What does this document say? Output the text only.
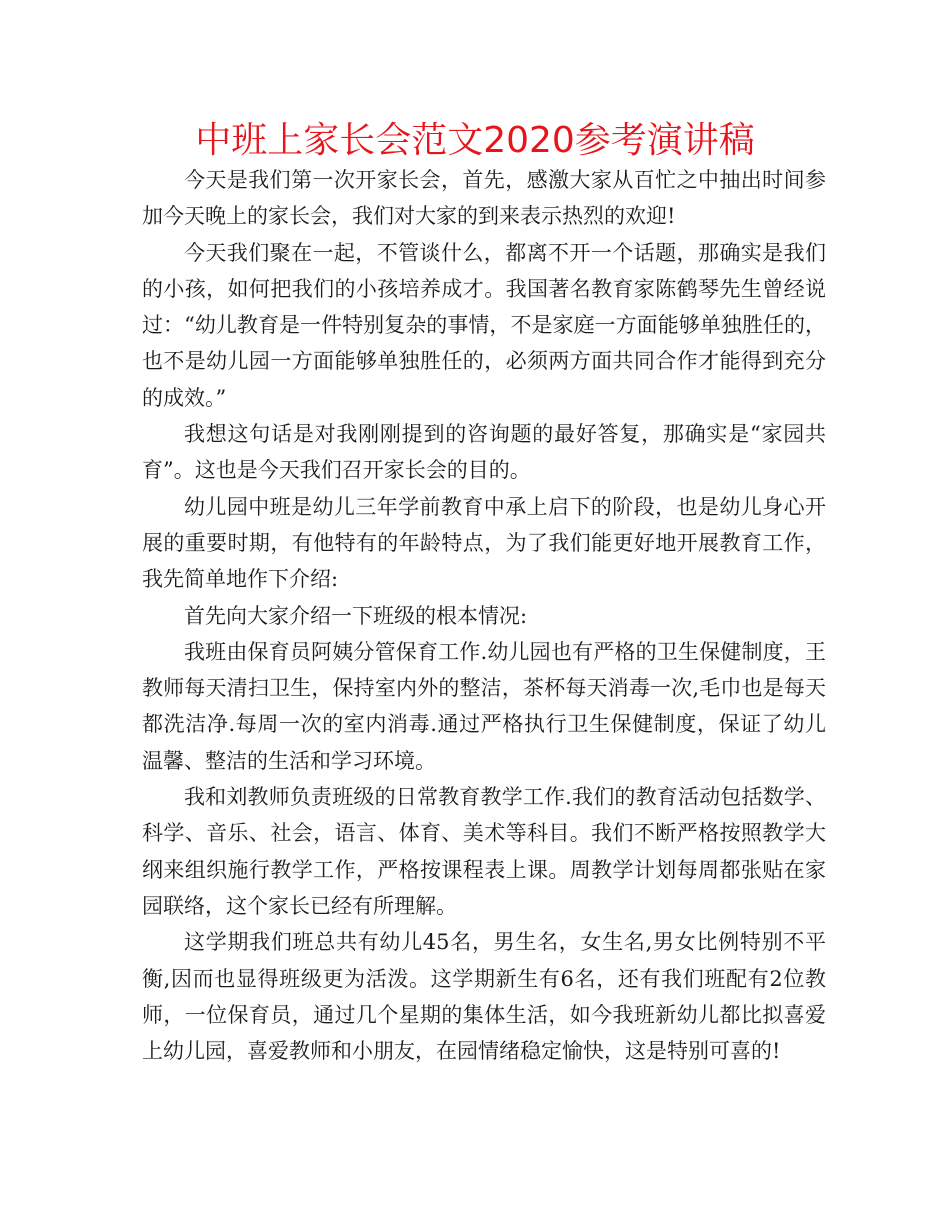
中班上家长会范文2020参考演讲稿

今天是我们第一次开家长会，首先，感激大家从百忙之中抽出时间参加今天晚上的家长会，我们对大家的到来表示热烈的欢迎!

今天我们聚在一起，不管谈什么，都离不开一个话题，那确实是我们的小孩，如何把我们的小孩培养成才。我国著名教育家陈鹤琴先生曾经说过：“幼儿教育是一件特别复杂的事情，不是家庭一方面能够单独胜任的，也不是幼儿园一方面能够单独胜任的，必须两方面共同合作才能得到充分的成效。”

我想这句话是对我刚刚提到的咨询题的最好答复，那确实是“家园共育”。这也是今天我们召开家长会的目的。

幼儿园中班是幼儿三年学前教育中承上启下的阶段，也是幼儿身心开展的重要时期，有他特有的年龄特点，为了我们能更好地开展教育工作，我先简单地作下介绍:

首先向大家介绍一下班级的根本情况:

我班由保育员阿姨分管保育工作.幼儿园也有严格的卫生保健制度，王教师每天清扫卫生，保持室内外的整洁，茶杯每天消毒一次,毛巾也是每天都洗洁净.每周一次的室内消毒.通过严格执行卫生保健制度，保证了幼儿温馨、整洁的生活和学习环境。

我和刘教师负责班级的日常教育教学工作.我们的教育活动包括数学、科学、音乐、社会，语言、体育、美术等科目。我们不断严格按照教学大纲来组织施行教学工作，严格按课程表上课。周教学计划每周都张贴在家园联络，这个家长已经有所理解。

这学期我们班总共有幼儿45名，男生名，女生名,男女比例特别不平衡,因而也显得班级更为活泼。这学期新生有6名，还有我们班配有2位教师，一位保育员，通过几个星期的集体生活，如今我班新幼儿都比拟喜爱上幼儿园，喜爱教师和小朋友，在园情绪稳定愉快，这是特别可喜的!
